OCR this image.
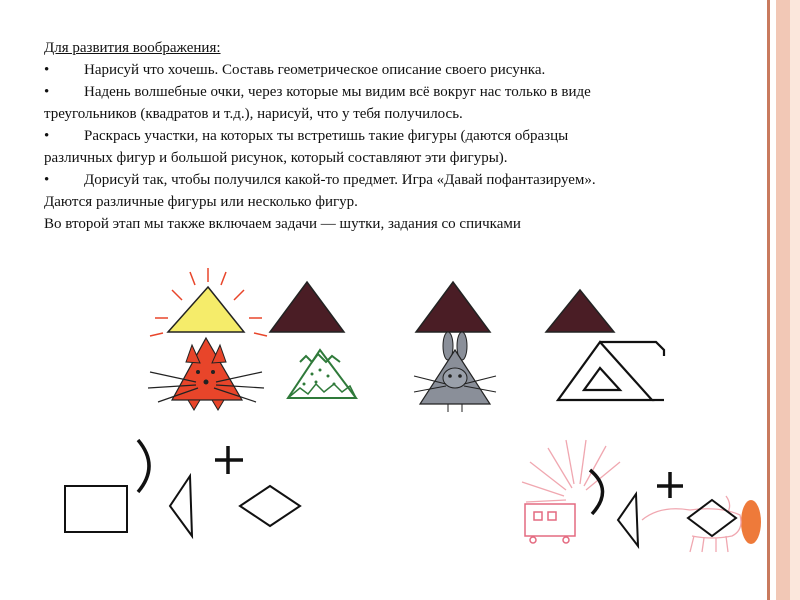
Для развития воображения:
• Нарисуй что хочешь. Составь геометрическое описание своего рисунка.
• Надень волшебные очки, через которые мы видим всё вокруг нас только в виде
треугольников (квадратов и т.д.), нарисуй, что у тебя получилось.
• Раскрась участки, на которых ты встретишь такие фигуры (даются образцы
различных фигур и большой рисунок, который составляют эти фигуры).
• Дорисуй так, чтобы получился какой-то предмет. Игра «Давай пофантазируем».
Даются различные фигуры или несколько фигур.
Во второй этап мы также включаем задачи — шутки, задания со спичками
